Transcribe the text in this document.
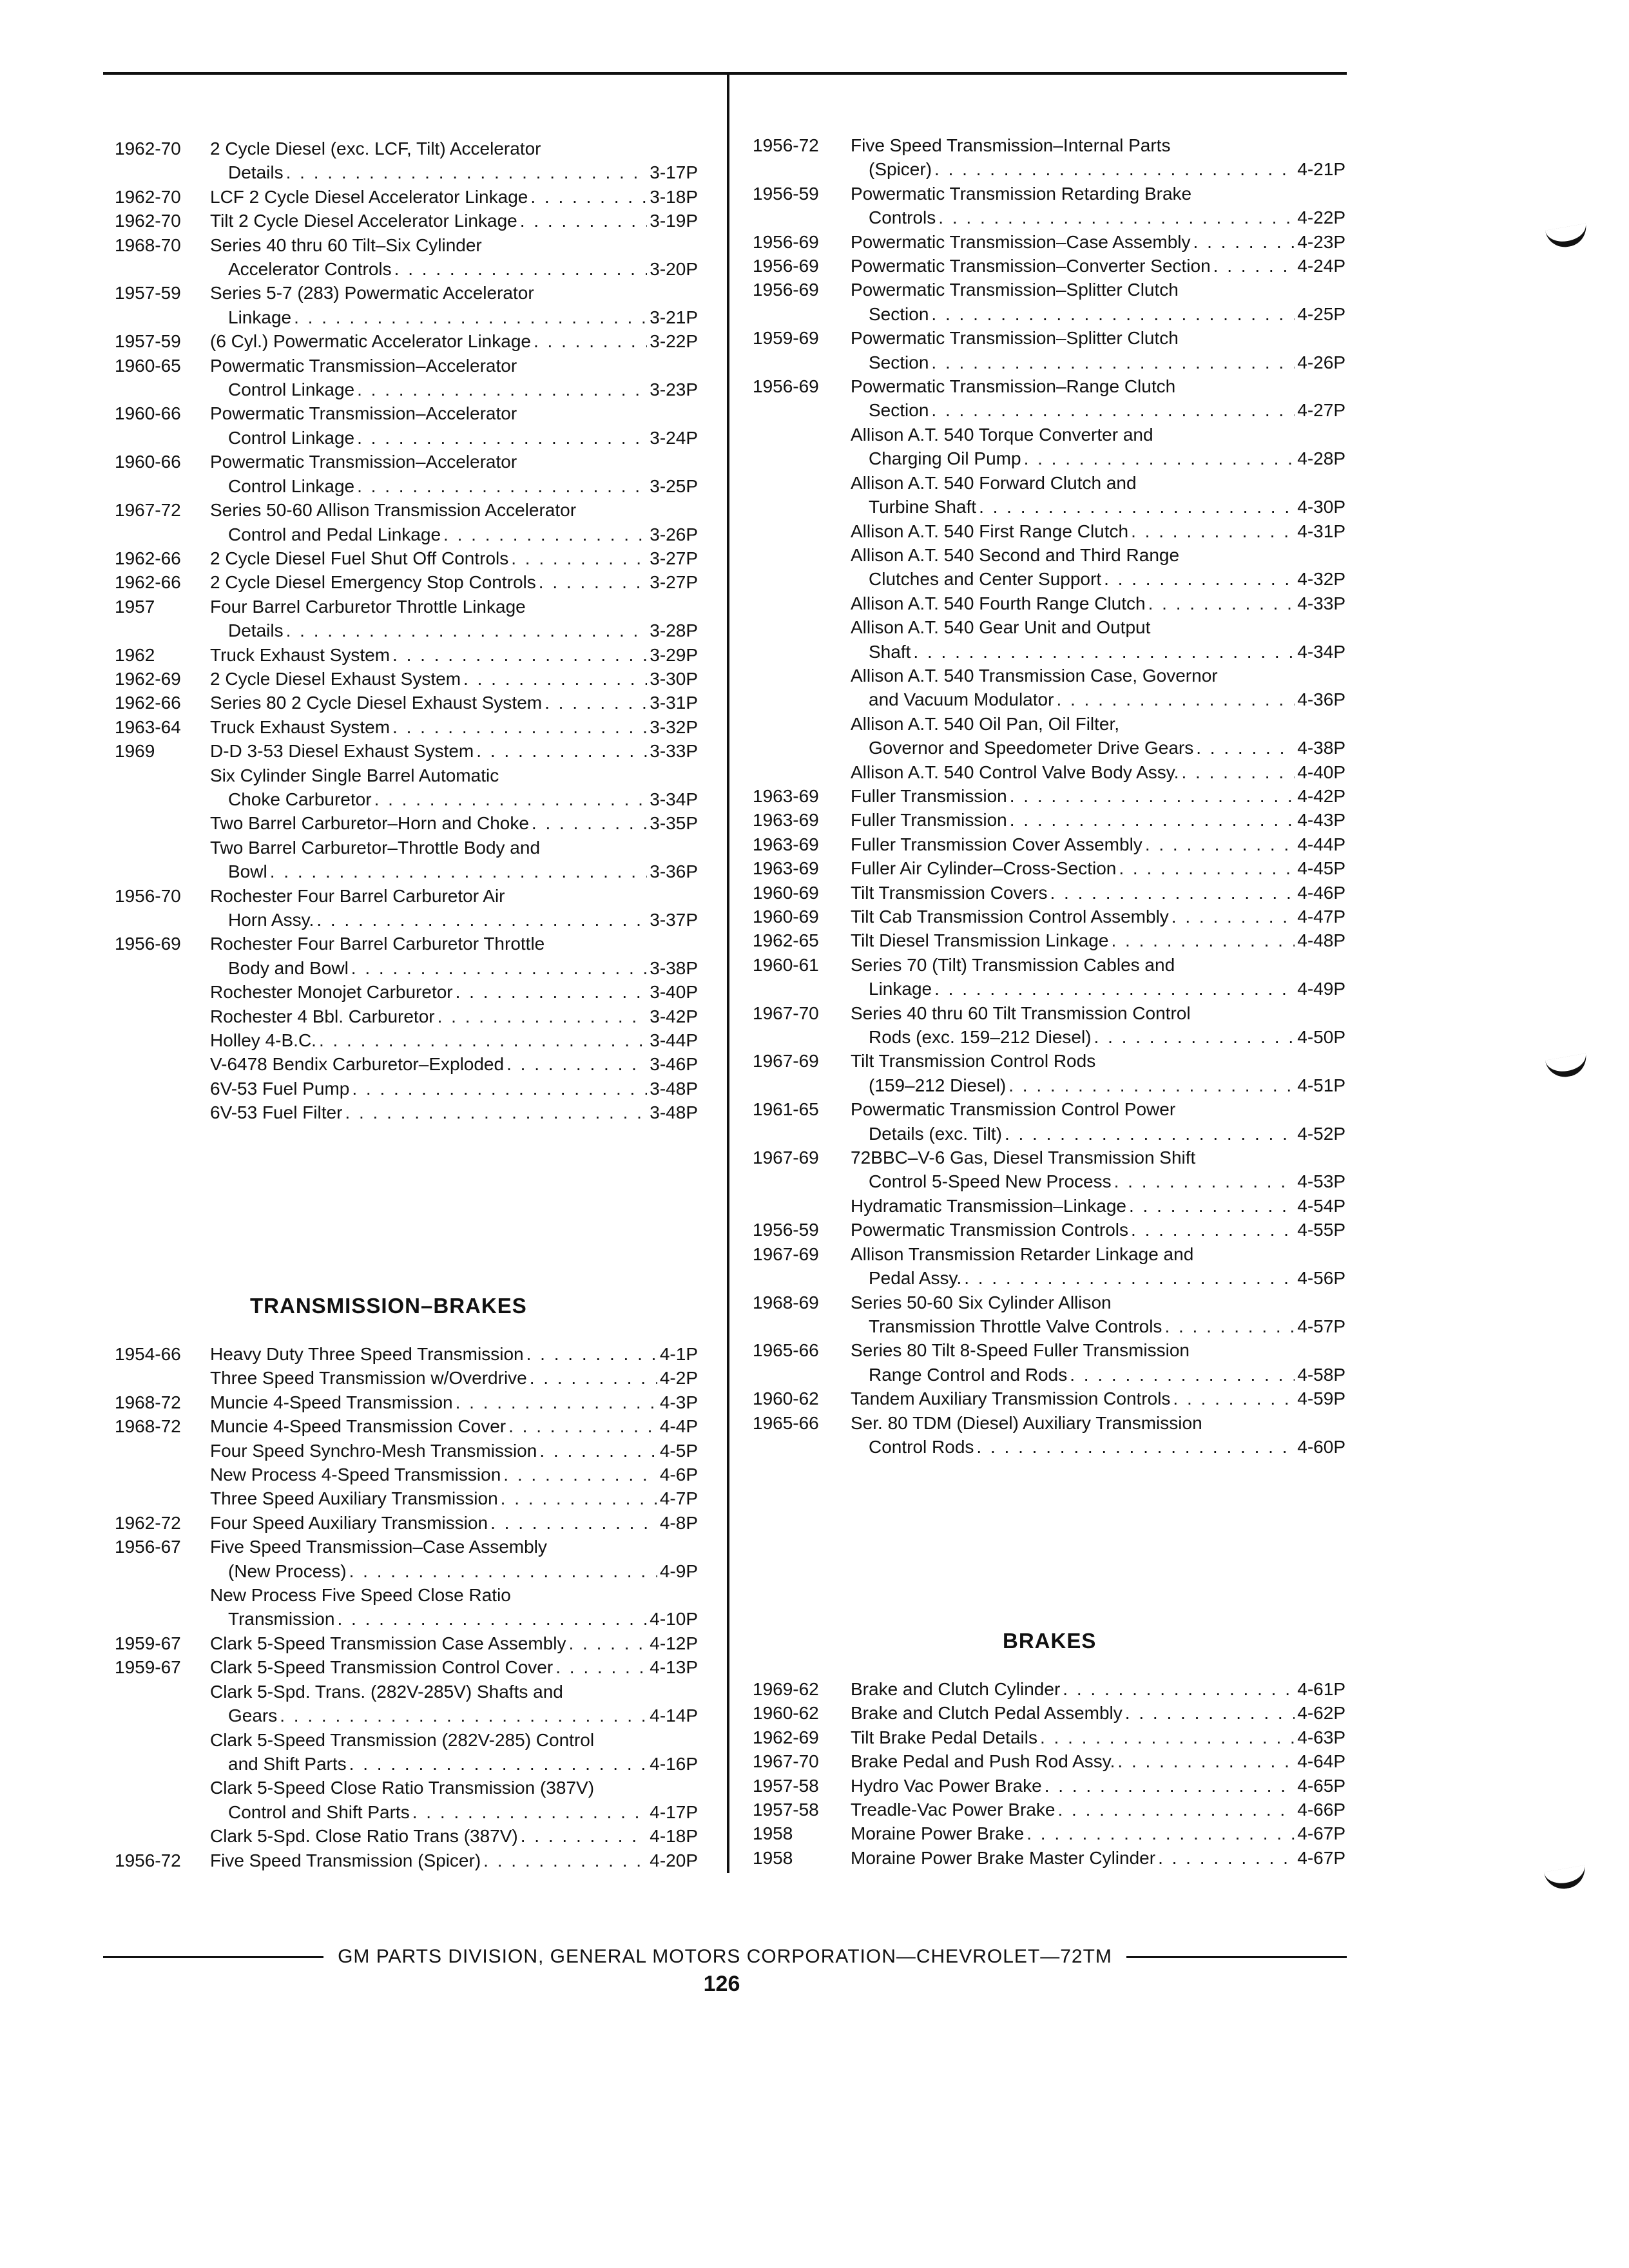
1962-70	2 Cycle Diesel (exc. LCF, Tilt) Accelerator
Details . . .	3-17P
1962-70	LCF 2 Cycle Diesel Accelerator Linkage . . .	3-18P
1962-70	Tilt 2 Cycle Diesel Accelerator Linkage . . .	3-19P
1968-70	Series 40 thru 60 Tilt–Six Cylinder
Accelerator Controls . . .	3-20P
1957-59	Series 5-7 (283) Powermatic Accelerator
Linkage . . .	3-21P
1957-59	(6 Cyl.) Powermatic Accelerator Linkage . . .	3-22P
1960-65	Powermatic Transmission–Accelerator
Control Linkage . . .	3-23P
1960-66	Powermatic Transmission–Accelerator
Control Linkage . . .	3-24P
1960-66	Powermatic Transmission–Accelerator
Control Linkage . . .	3-25P
1967-72	Series 50-60 Allison Transmission Accelerator
Control and Pedal Linkage . . .	3-26P
1962-66	2 Cycle Diesel Fuel Shut Off Controls . . .	3-27P
1962-66	2 Cycle Diesel Emergency Stop Controls . . .	3-27P
1957	Four Barrel Carburetor Throttle Linkage
Details . . .	3-28P
1962	Truck Exhaust System . . .	3-29P
1962-69	2 Cycle Diesel Exhaust System . . .	3-30P
1962-66	Series 80 2 Cycle Diesel Exhaust System . . .	3-31P
1963-64	Truck Exhaust System . . .	3-32P
1969	D-D 3-53 Diesel Exhaust System . . .	3-33P
Six Cylinder Single Barrel Automatic
Choke Carburetor . . .	3-34P
Two Barrel Carburetor–Horn and Choke . . .	3-35P
Two Barrel Carburetor–Throttle Body and
Bowl . . .	3-36P
1956-70	Rochester Four Barrel Carburetor Air
Horn Assy. . . .	3-37P
1956-69	Rochester Four Barrel Carburetor Throttle
Body and Bowl . . .	3-38P
Rochester Monojet Carburetor . . .	3-40P
Rochester 4 Bbl. Carburetor . . .	3-42P
Holley 4-B.C. . . .	3-44P
V-6478 Bendix Carburetor–Exploded . . .	3-46P
6V-53 Fuel Pump . . .	3-48P
6V-53 Fuel Filter . . .	3-48P
TRANSMISSION–BRAKES
1954-66	Heavy Duty Three Speed Transmission . . .	4-1P
Three Speed Transmission w/Overdrive . . .	4-2P
1968-72	Muncie 4-Speed Transmission . . .	4-3P
1968-72	Muncie 4-Speed Transmission Cover . . .	4-4P
Four Speed Synchro-Mesh Transmission . . .	4-5P
New Process 4-Speed Transmission . . .	4-6P
Three Speed Auxiliary Transmission . . .	4-7P
1962-72	Four Speed Auxiliary Transmission . . .	4-8P
1956-67	Five Speed Transmission–Case Assembly
(New Process) . . .	4-9P
New Process Five Speed Close Ratio
Transmission . . .	4-10P
1959-67	Clark 5-Speed Transmission Case Assembly . . .	4-12P
1959-67	Clark 5-Speed Transmission Control Cover . . .	4-13P
Clark 5-Spd. Trans. (282V-285V) Shafts and
Gears . . .	4-14P
Clark 5-Speed Transmission (282V-285) Control
and Shift Parts . . .	4-16P
Clark 5-Speed Close Ratio Transmission (387V)
Control and Shift Parts . . .	4-17P
Clark 5-Spd. Close Ratio Trans (387V) . . .	4-18P
1956-72	Five Speed Transmission (Spicer) . . .	4-20P
1956-72	Five Speed Transmission–Internal Parts
(Spicer) . . .	4-21P
1956-59	Powermatic Transmission Retarding Brake
Controls . . .	4-22P
1956-69	Powermatic Transmission–Case Assembly . . .	4-23P
1956-69	Powermatic Transmission–Converter Section . . .	4-24P
1956-69	Powermatic Transmission–Splitter Clutch
Section . . .	4-25P
1959-69	Powermatic Transmission–Splitter Clutch
Section . . .	4-26P
1956-69	Powermatic Transmission–Range Clutch
Section . . .	4-27P
Allison A.T. 540 Torque Converter and
Charging Oil Pump . . .	4-28P
Allison A.T. 540 Forward Clutch and
Turbine Shaft . . .	4-30P
Allison A.T. 540 First Range Clutch . . .	4-31P
Allison A.T. 540 Second and Third Range
Clutches and Center Support . . .	4-32P
Allison A.T. 540 Fourth Range Clutch . . .	4-33P
Allison A.T. 540 Gear Unit and Output
Shaft . . .	4-34P
Allison A.T. 540 Transmission Case, Governor
and Vacuum Modulator . . .	4-36P
Allison A.T. 540 Oil Pan, Oil Filter,
Governor and Speedometer Drive Gears . . .	4-38P
Allison A.T. 540 Control Valve Body Assy. . . .	4-40P
1963-69	Fuller Transmission . . .	4-42P
1963-69	Fuller Transmission . . .	4-43P
1963-69	Fuller Transmission Cover Assembly . . .	4-44P
1963-69	Fuller Air Cylinder–Cross-Section . . .	4-45P
1960-69	Tilt Transmission Covers . . .	4-46P
1960-69	Tilt Cab Transmission Control Assembly . . .	4-47P
1962-65	Tilt Diesel Transmission Linkage . . .	4-48P
1960-61	Series 70 (Tilt) Transmission Cables and
Linkage . . .	4-49P
1967-70	Series 40 thru 60 Tilt Transmission Control
Rods (exc. 159–212 Diesel) . . .	4-50P
1967-69	Tilt Transmission Control Rods
(159–212 Diesel) . . .	4-51P
1961-65	Powermatic Transmission Control Power
Details (exc. Tilt) . . .	4-52P
1967-69	72BBC–V-6 Gas, Diesel Transmission Shift
Control 5-Speed New Process . . .	4-53P
Hydramatic Transmission–Linkage . . .	4-54P
1956-59	Powermatic Transmission Controls . . .	4-55P
1967-69	Allison Transmission Retarder Linkage and
Pedal Assy. . . .	4-56P
1968-69	Series 50-60 Six Cylinder Allison
Transmission Throttle Valve Controls . . .	4-57P
1965-66	Series 80 Tilt 8-Speed Fuller Transmission
Range Control and Rods . . .	4-58P
1960-62	Tandem Auxiliary Transmission Controls . . .	4-59P
1965-66	Ser. 80 TDM (Diesel) Auxiliary Transmission
Control Rods . . .	4-60P
BRAKES
1969-62	Brake and Clutch Cylinder . . .	4-61P
1960-62	Brake and Clutch Pedal Assembly . . .	4-62P
1962-69	Tilt Brake Pedal Details . . .	4-63P
1967-70	Brake Pedal and Push Rod Assy. . . .	4-64P
1957-58	Hydro Vac Power Brake . . .	4-65P
1957-58	Treadle-Vac Power Brake . . .	4-66P
1958	Moraine Power Brake . . .	4-67P
1958	Moraine Power Brake Master Cylinder . . .	4-67P
GM PARTS DIVISION, GENERAL MOTORS CORPORATION—CHEVROLET—72TM
126
